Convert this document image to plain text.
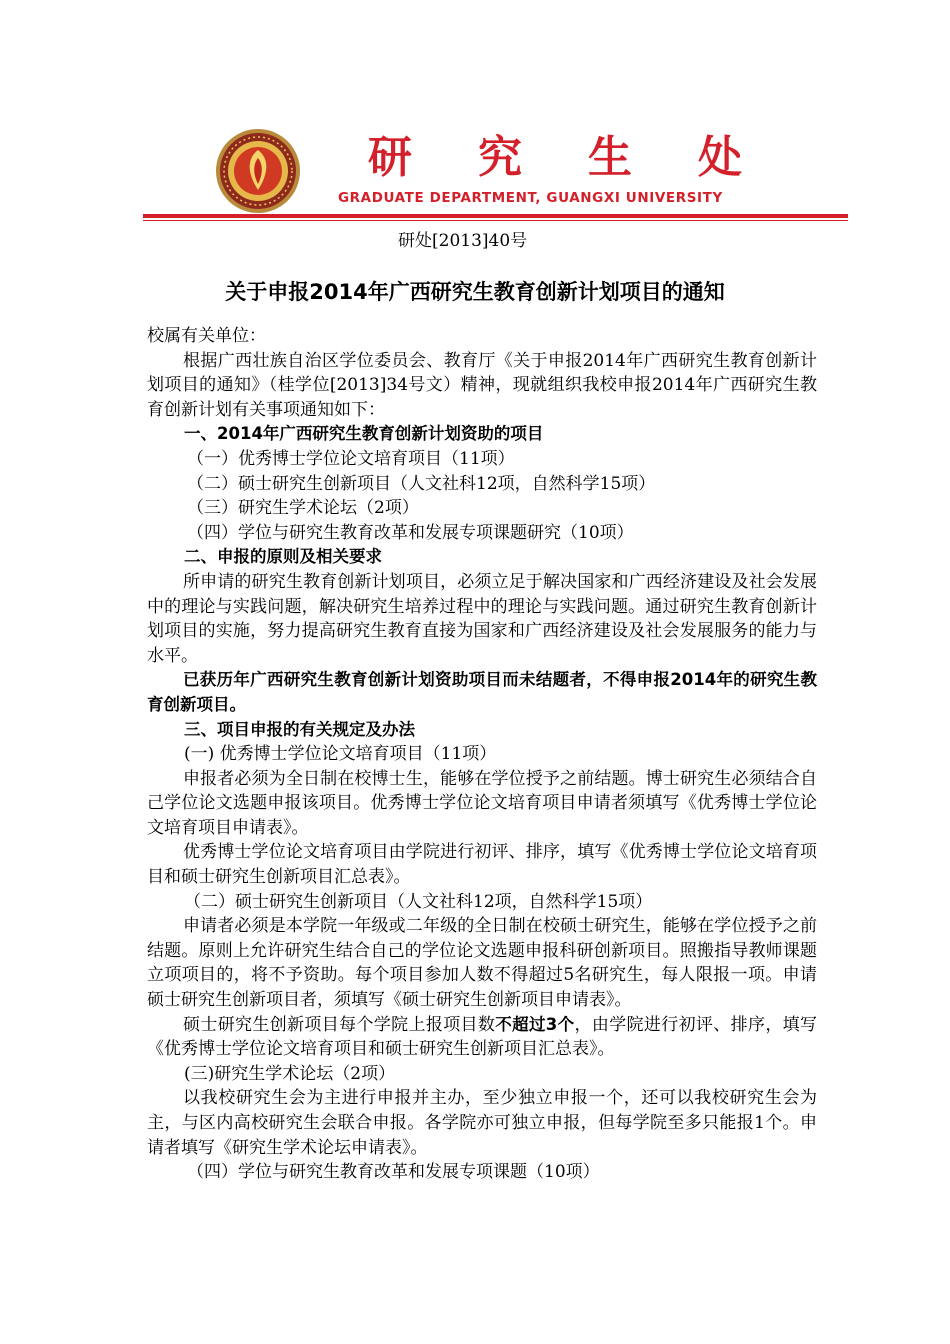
研究生处
GRADUATE DEPARTMENT, GUANGXI UNIVERSITY
研处[2013]40号
关于申报2014年广西研究生教育创新计划项目的通知

校属有关单位：

根据广西壮族自治区学位委员会、教育厅《关于申报2014年广西研究生教育创新计划项目的通知》（桂学位[2013]34号文）精神，现就组织我校申报2014年广西研究生教育创新计划有关事项通知如下：

一、2014年广西研究生教育创新计划资助的项目

（一）优秀博士学位论文培育项目（11项）

（二）硕士研究生创新项目（人文社科12项，自然科学15项）

（三）研究生学术论坛（2项）

（四）学位与研究生教育改革和发展专项课题研究（10项）

二、申报的原则及相关要求

所申请的研究生教育创新计划项目，必须立足于解决国家和广西经济建设及社会发展中的理论与实践问题，解决研究生培养过程中的理论与实践问题。通过研究生教育创新计划项目的实施，努力提高研究生教育直接为国家和广西经济建设及社会发展服务的能力与水平。

已获历年广西研究生教育创新计划资助项目而未结题者，不得申报2014年的研究生教育创新项目。

三、项目申报的有关规定及办法

(一) 优秀博士学位论文培育项目（11项）

申报者必须为全日制在校博士生，能够在学位授予之前结题。博士研究生必须结合自己学位论文选题申报该项目。优秀博士学位论文培育项目申请者须填写《优秀博士学位论文培育项目申请表》。

优秀博士学位论文培育项目由学院进行初评、排序，填写《优秀博士学位论文培育项目和硕士研究生创新项目汇总表》。

（二）硕士研究生创新项目（人文社科12项，自然科学15项）

申请者必须是本学院一年级或二年级的全日制在校硕士研究生，能够在学位授予之前结题。原则上允许研究生结合自己的学位论文选题申报科研创新项目。照搬指导教师课题立项项目的，将不予资助。每个项目参加人数不得超过5名研究生，每人限报一项。申请硕士研究生创新项目者，须填写《硕士研究生创新项目申请表》。

硕士研究生创新项目每个学院上报项目数不超过3个，由学院进行初评、排序，填写《优秀博士学位论文培育项目和硕士研究生创新项目汇总表》。

(三)研究生学术论坛（2项）

以我校研究生会为主进行申报并主办，至少独立申报一个，还可以我校研究生会为主，与区内高校研究生会联合申报。各学院亦可独立申报，但每学院至多只能报1个。申请者填写《研究生学术论坛申请表》。

（四）学位与研究生教育改革和发展专项课题（10项）
